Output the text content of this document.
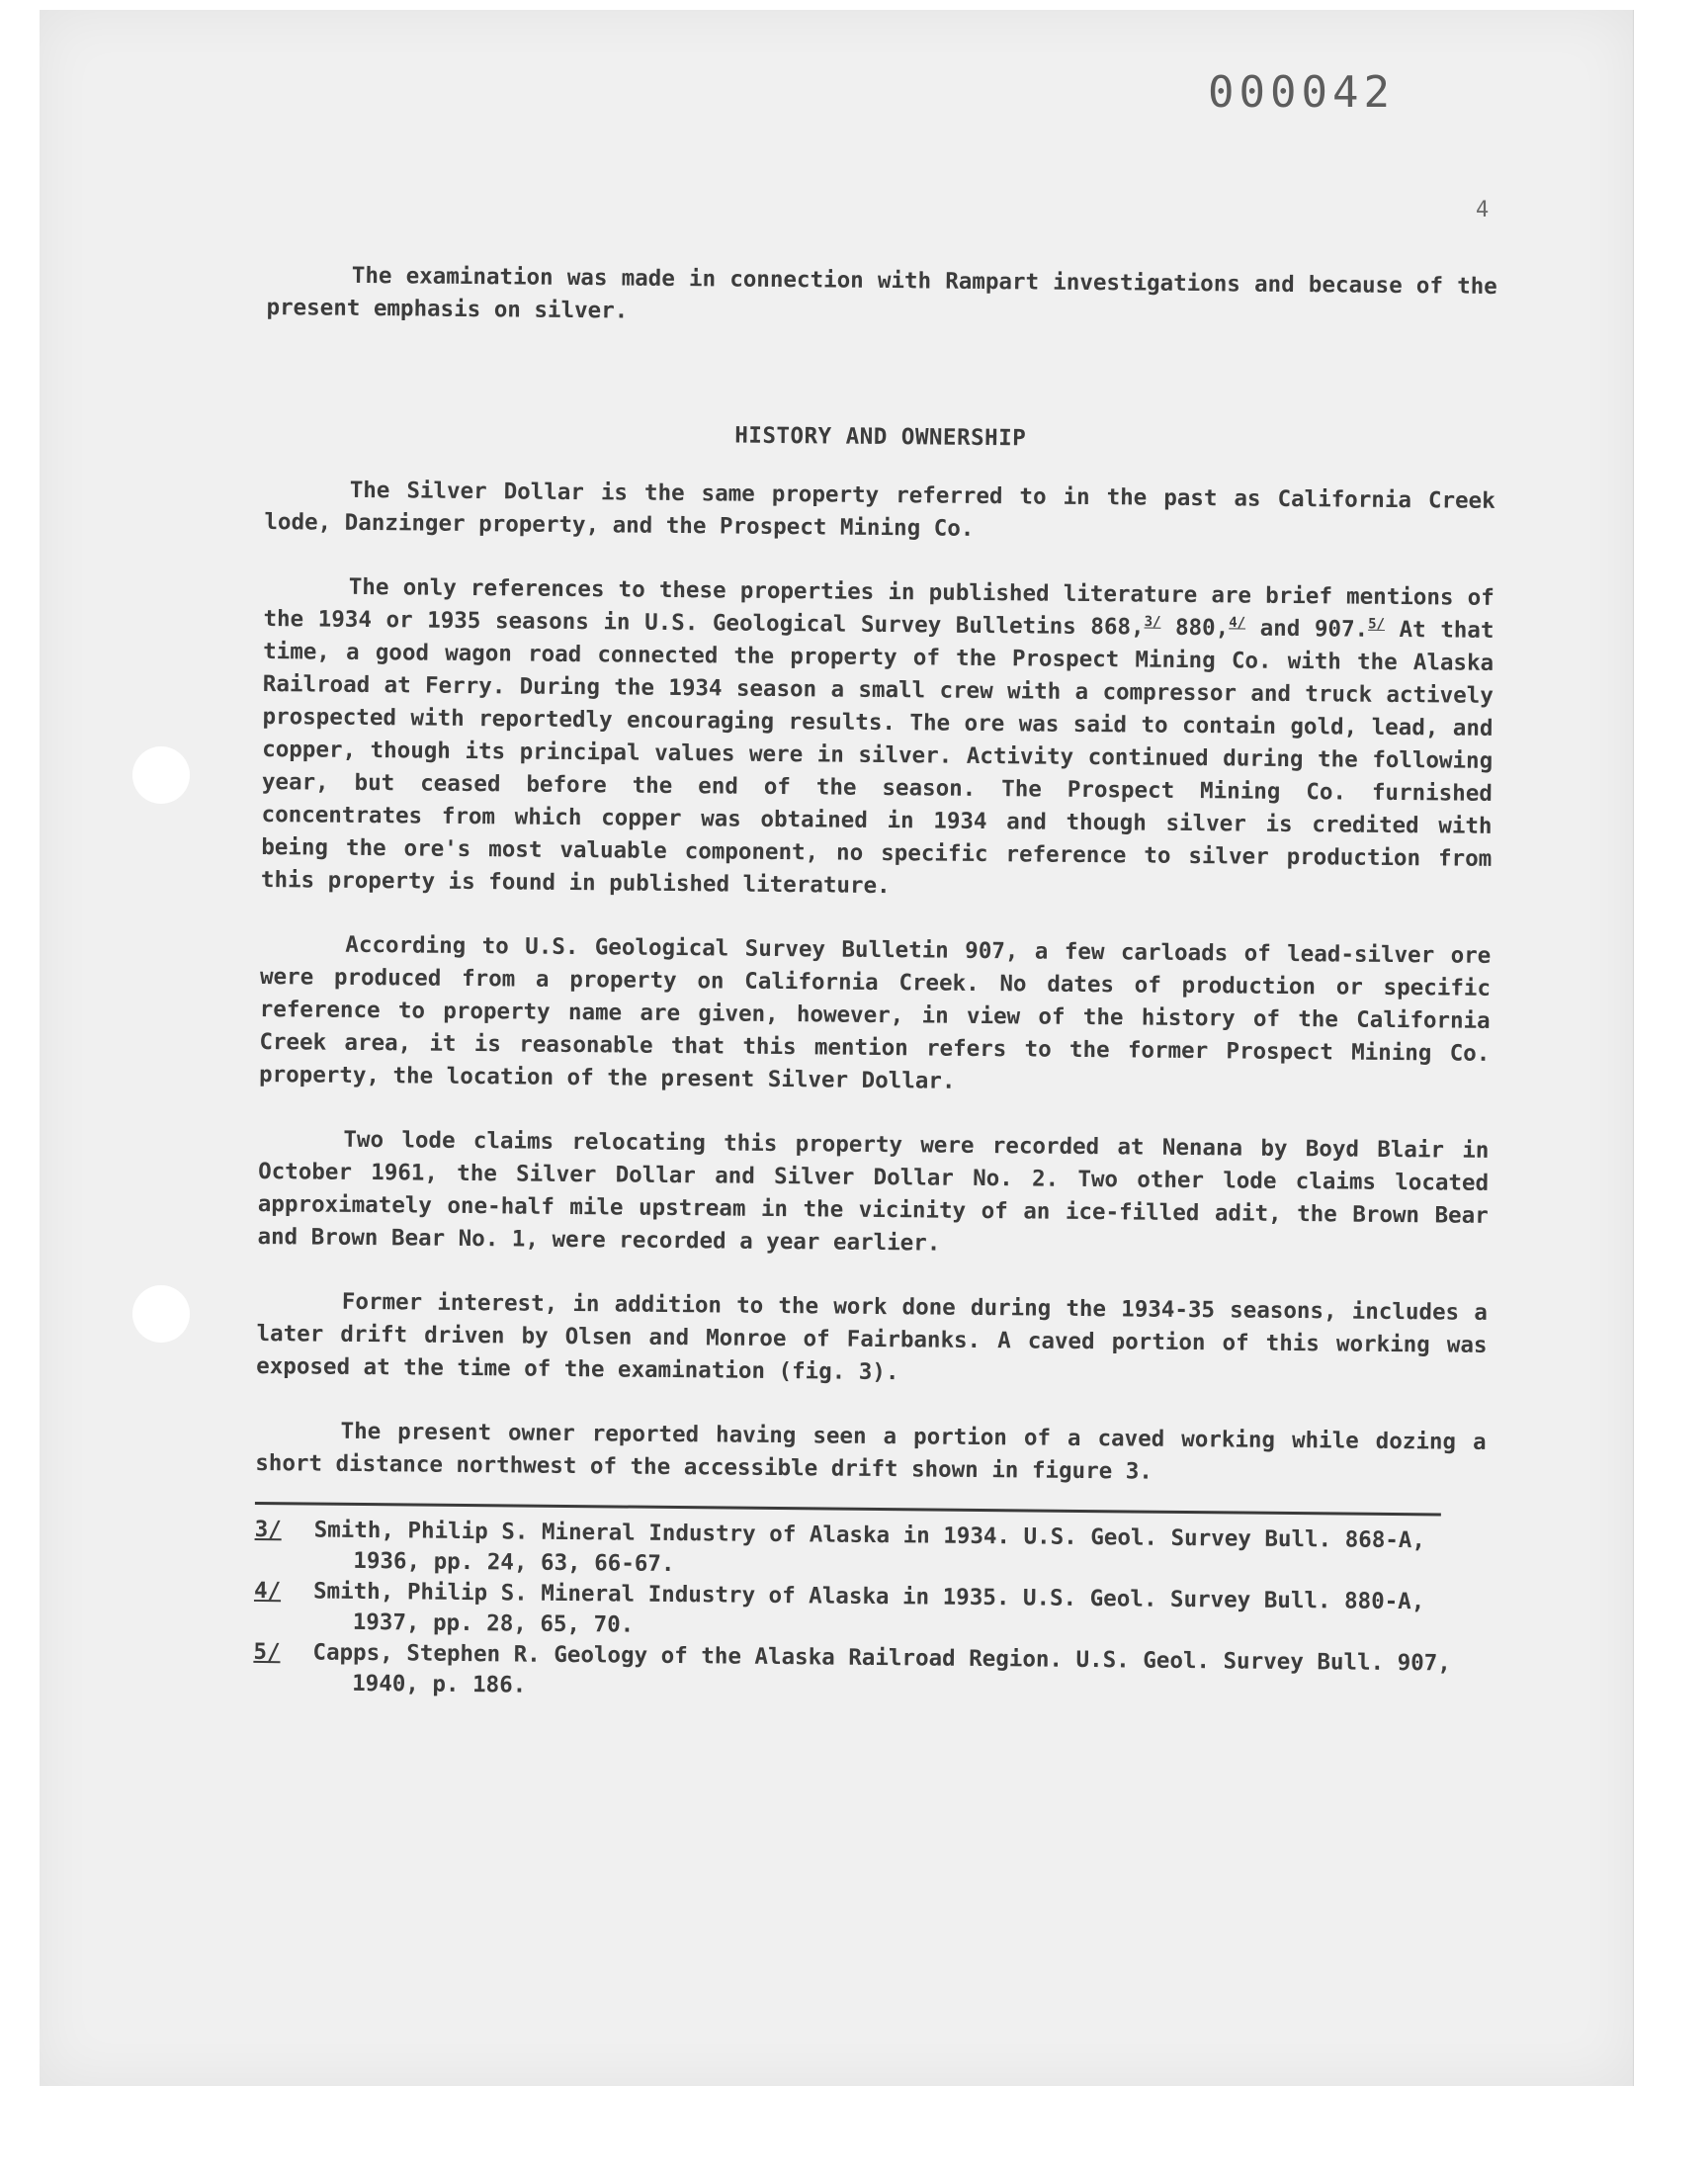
000042
4

The examination was made in connection with Rampart investigations and because of the present emphasis on silver.

HISTORY AND OWNERSHIP

The Silver Dollar is the same property referred to in the past as California Creek lode, Danzinger property, and the Prospect Mining Co.

The only references to these properties in published literature are brief mentions of the 1934 or 1935 seasons in U.S. Geological Survey Bulletins 868,$^{3/}$ 880,$^{4/}$ and 907.$^{5/}$ At that time, a good wagon road connected the property of the Prospect Mining Co. with the Alaska Railroad at Ferry. During the 1934 season a small crew with a compressor and truck actively prospected with reportedly encouraging results. The ore was said to contain gold, lead, and copper, though its principal values were in silver. Activity continued during the following year, but ceased before the end of the season. The Prospect Mining Co. furnished concentrates from which copper was obtained in 1934 and though silver is credited with being the ore's most valuable component, no specific reference to silver production from this property is found in published literature.

According to U.S. Geological Survey Bulletin 907, a few carloads of lead-silver ore were produced from a property on California Creek. No dates of production or specific reference to property name are given, however, in view of the history of the California Creek area, it is reasonable that this mention refers to the former Prospect Mining Co. property, the location of the present Silver Dollar.

Two lode claims relocating this property were recorded at Nenana by Boyd Blair in October 1961, the Silver Dollar and Silver Dollar No. 2. Two other lode claims located approximately one-half mile upstream in the vicinity of an ice-filled adit, the Brown Bear and Brown Bear No. 1, were recorded a year earlier.

Former interest, in addition to the work done during the 1934-35 seasons, includes a later drift driven by Olsen and Monroe of Fairbanks. A caved portion of this working was exposed at the time of the examination (fig. 3).

The present owner reported having seen a portion of a caved working while dozing a short distance northwest of the accessible drift shown in figure 3.

3/ Smith, Philip S. Mineral Industry of Alaska in 1934. U.S. Geol. Survey Bull. 868-A, 1936, pp. 24, 63, 66-67.

4/ Smith, Philip S. Mineral Industry of Alaska in 1935. U.S. Geol. Survey Bull. 880-A, 1937, pp. 28, 65, 70.

5/ Capps, Stephen R. Geology of the Alaska Railroad Region. U.S. Geol. Survey Bull. 907, 1940, p. 186.
